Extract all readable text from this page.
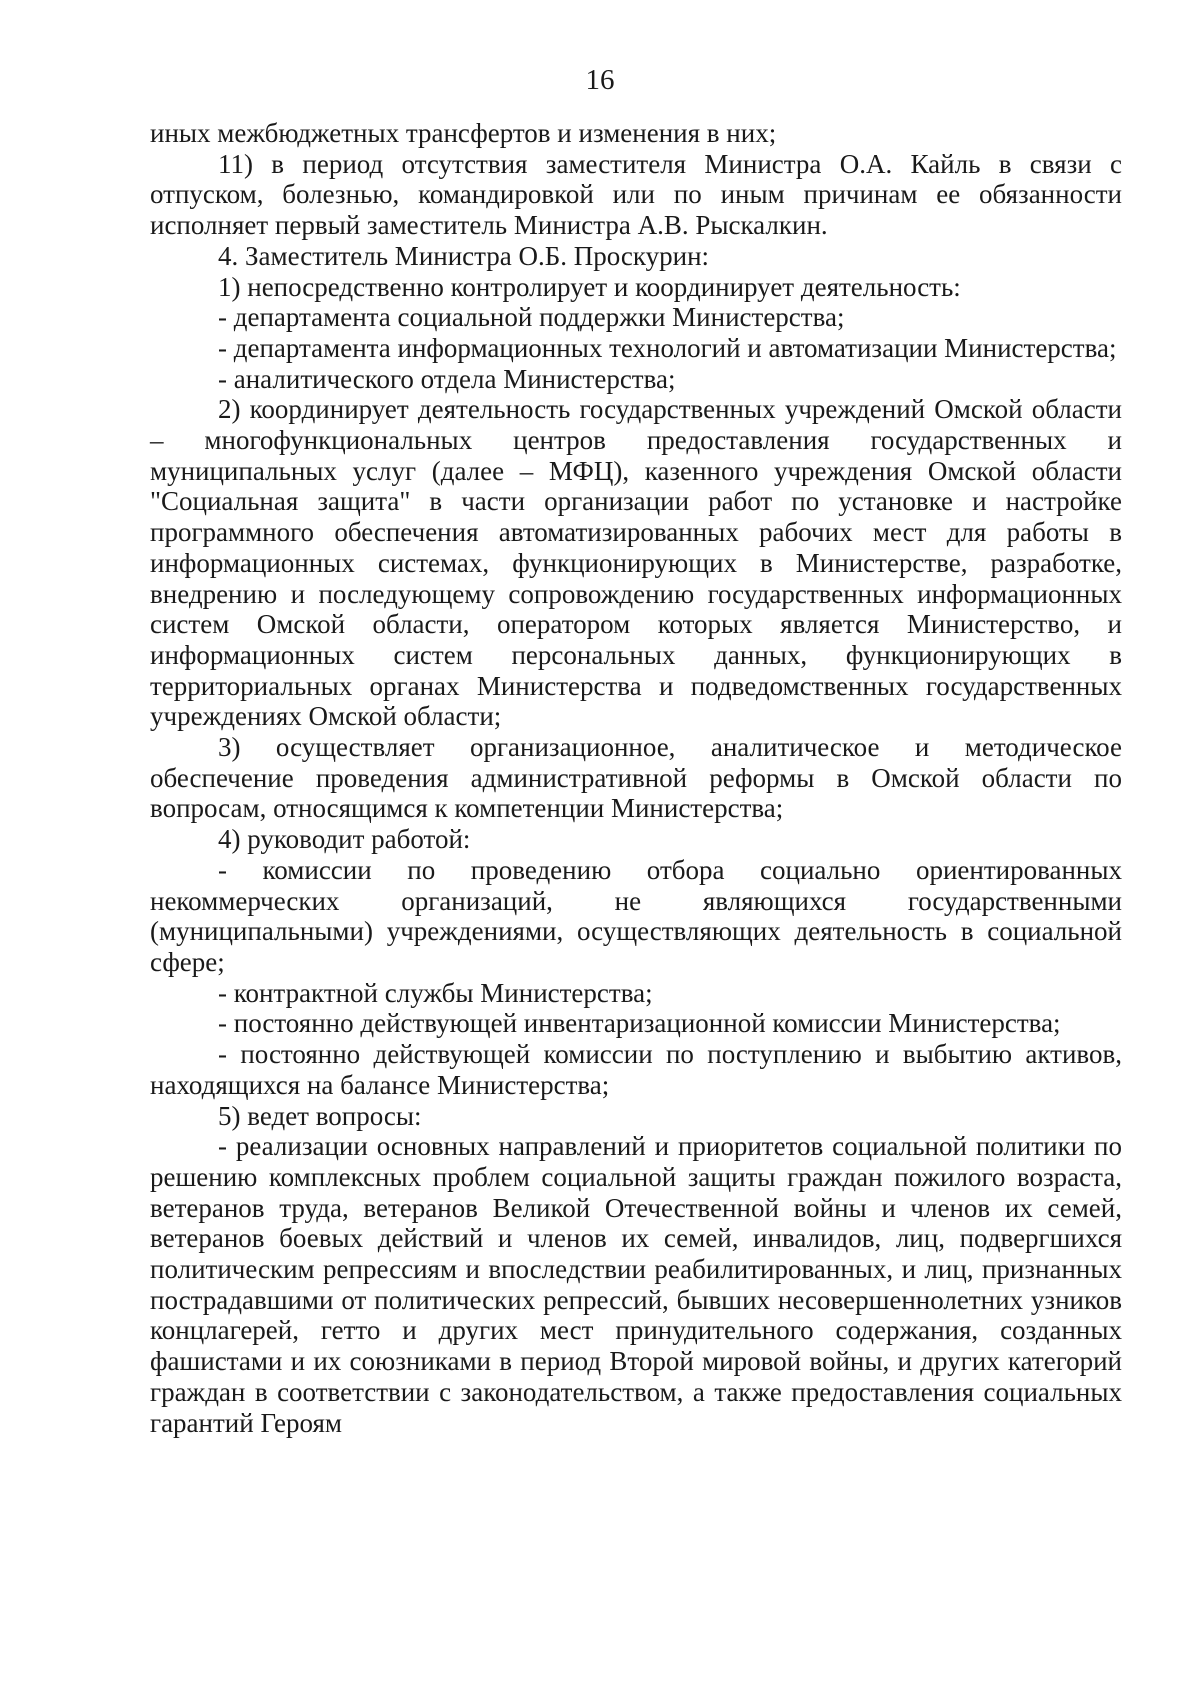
16

иных межбюджетных трансфертов и изменения в них;

11) в период отсутствия заместителя Министра О.А. Кайль в связи с отпуском, болезнью, командировкой или по иным причинам ее обязанности исполняет первый заместитель Министра А.В. Рыскалкин.

4. Заместитель Министра О.Б. Проскурин:

1) непосредственно контролирует и координирует деятельность:

- департамента социальной поддержки Министерства;

- департамента информационных технологий и автоматизации Министерства;

- аналитического отдела Министерства;

2) координирует деятельность государственных учреждений Омской области – многофункциональных центров предоставления государственных и муниципальных услуг (далее – МФЦ), казенного учреждения Омской области "Социальная защита" в части организации работ по установке и настройке программного обеспечения автоматизированных рабочих мест для работы в информационных системах, функционирующих в Министерстве, разработке, внедрению и последующему сопровождению государственных информационных систем Омской области, оператором которых является Министерство, и информационных систем персональных данных, функционирующих в территориальных органах Министерства и подведомственных государственных учреждениях Омской области;

3) осуществляет организационное, аналитическое и методическое обеспечение проведения административной реформы в Омской области по вопросам, относящимся к компетенции Министерства;

4) руководит работой:

- комиссии по проведению отбора социально ориентированных некоммерческих организаций, не являющихся государственными (муниципальными) учреждениями, осуществляющих деятельность в социальной сфере;

- контрактной службы Министерства;

- постоянно действующей инвентаризационной комиссии Министерства;

- постоянно действующей комиссии по поступлению и выбытию активов, находящихся на балансе Министерства;

5) ведет вопросы:

- реализации основных направлений и приоритетов социальной политики по решению комплексных проблем социальной защиты граждан пожилого возраста, ветеранов труда, ветеранов Великой Отечественной войны и членов их семей, ветеранов боевых действий и членов их семей, инвалидов, лиц, подвергшихся политическим репрессиям и впоследствии реабилитированных, и лиц, признанных пострадавшими от политических репрессий, бывших несовершеннолетних узников концлагерей, гетто и других мест принудительного содержания, созданных фашистами и их союзниками в период Второй мировой войны, и других категорий граждан в соответствии с законодательством, а также предоставления социальных гарантий Героям
